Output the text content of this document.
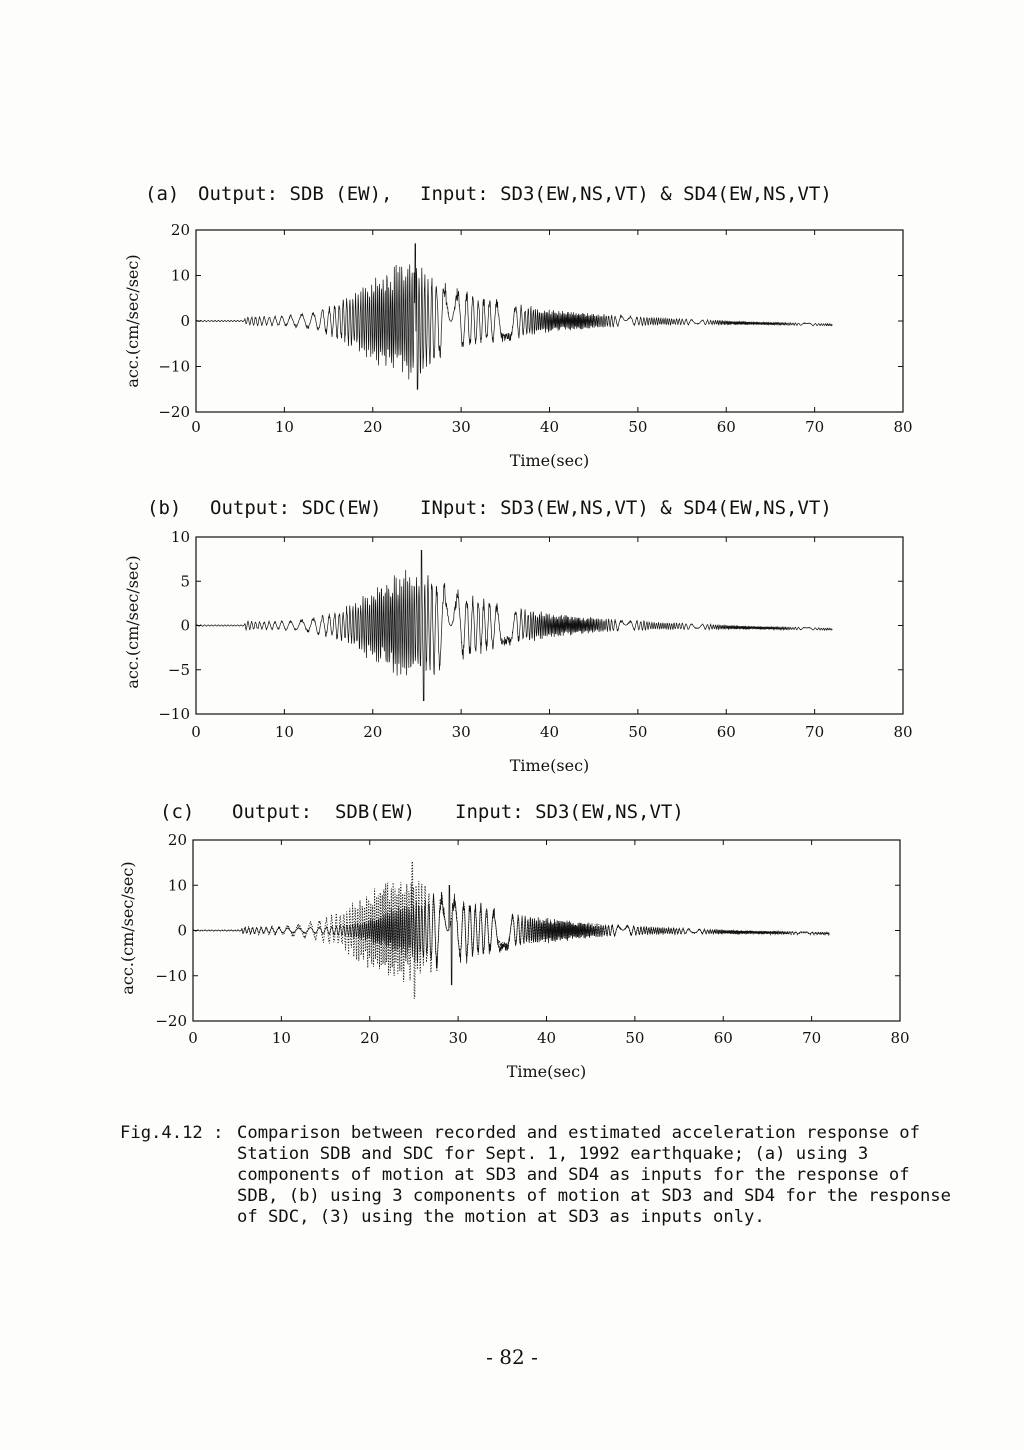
(a)

Output: SDB (EW),

Input: SD3(EW,NS,VT) & SD4(EW,NS,VT)

(b)

Output: SDC(EW)

INput: SD3(EW,NS,VT) & SD4(EW,NS,VT)

(c)

Output:  SDB(EW)

Input: SD3(EW,NS,VT)

0	10	20	30	40	50	60	70	80
20
10
0
−10
−20
Time(sec)
acc.(cm/sec/sec)
0	10	20	30	40	50	60	70	80
10
5
0
−5
−10
Time(sec)
acc.(cm/sec/sec)
0	10	20	30	40	50	60	70	80
20
10
0
−10
−20
Time(sec)
acc.(cm/sec/sec)
Fig.4.12 : Comparison between recorded and estimated acceleration response of Station SDB and SDC for Sept. 1, 1992 earthquake; (a) using 3 components of motion at SD3 and SD4 as inputs for the response of SDB, (b) using 3 components of motion at SD3 and SD4 for the response of SDC, (3) using the motion at SD3 as inputs only.
- 82 -
